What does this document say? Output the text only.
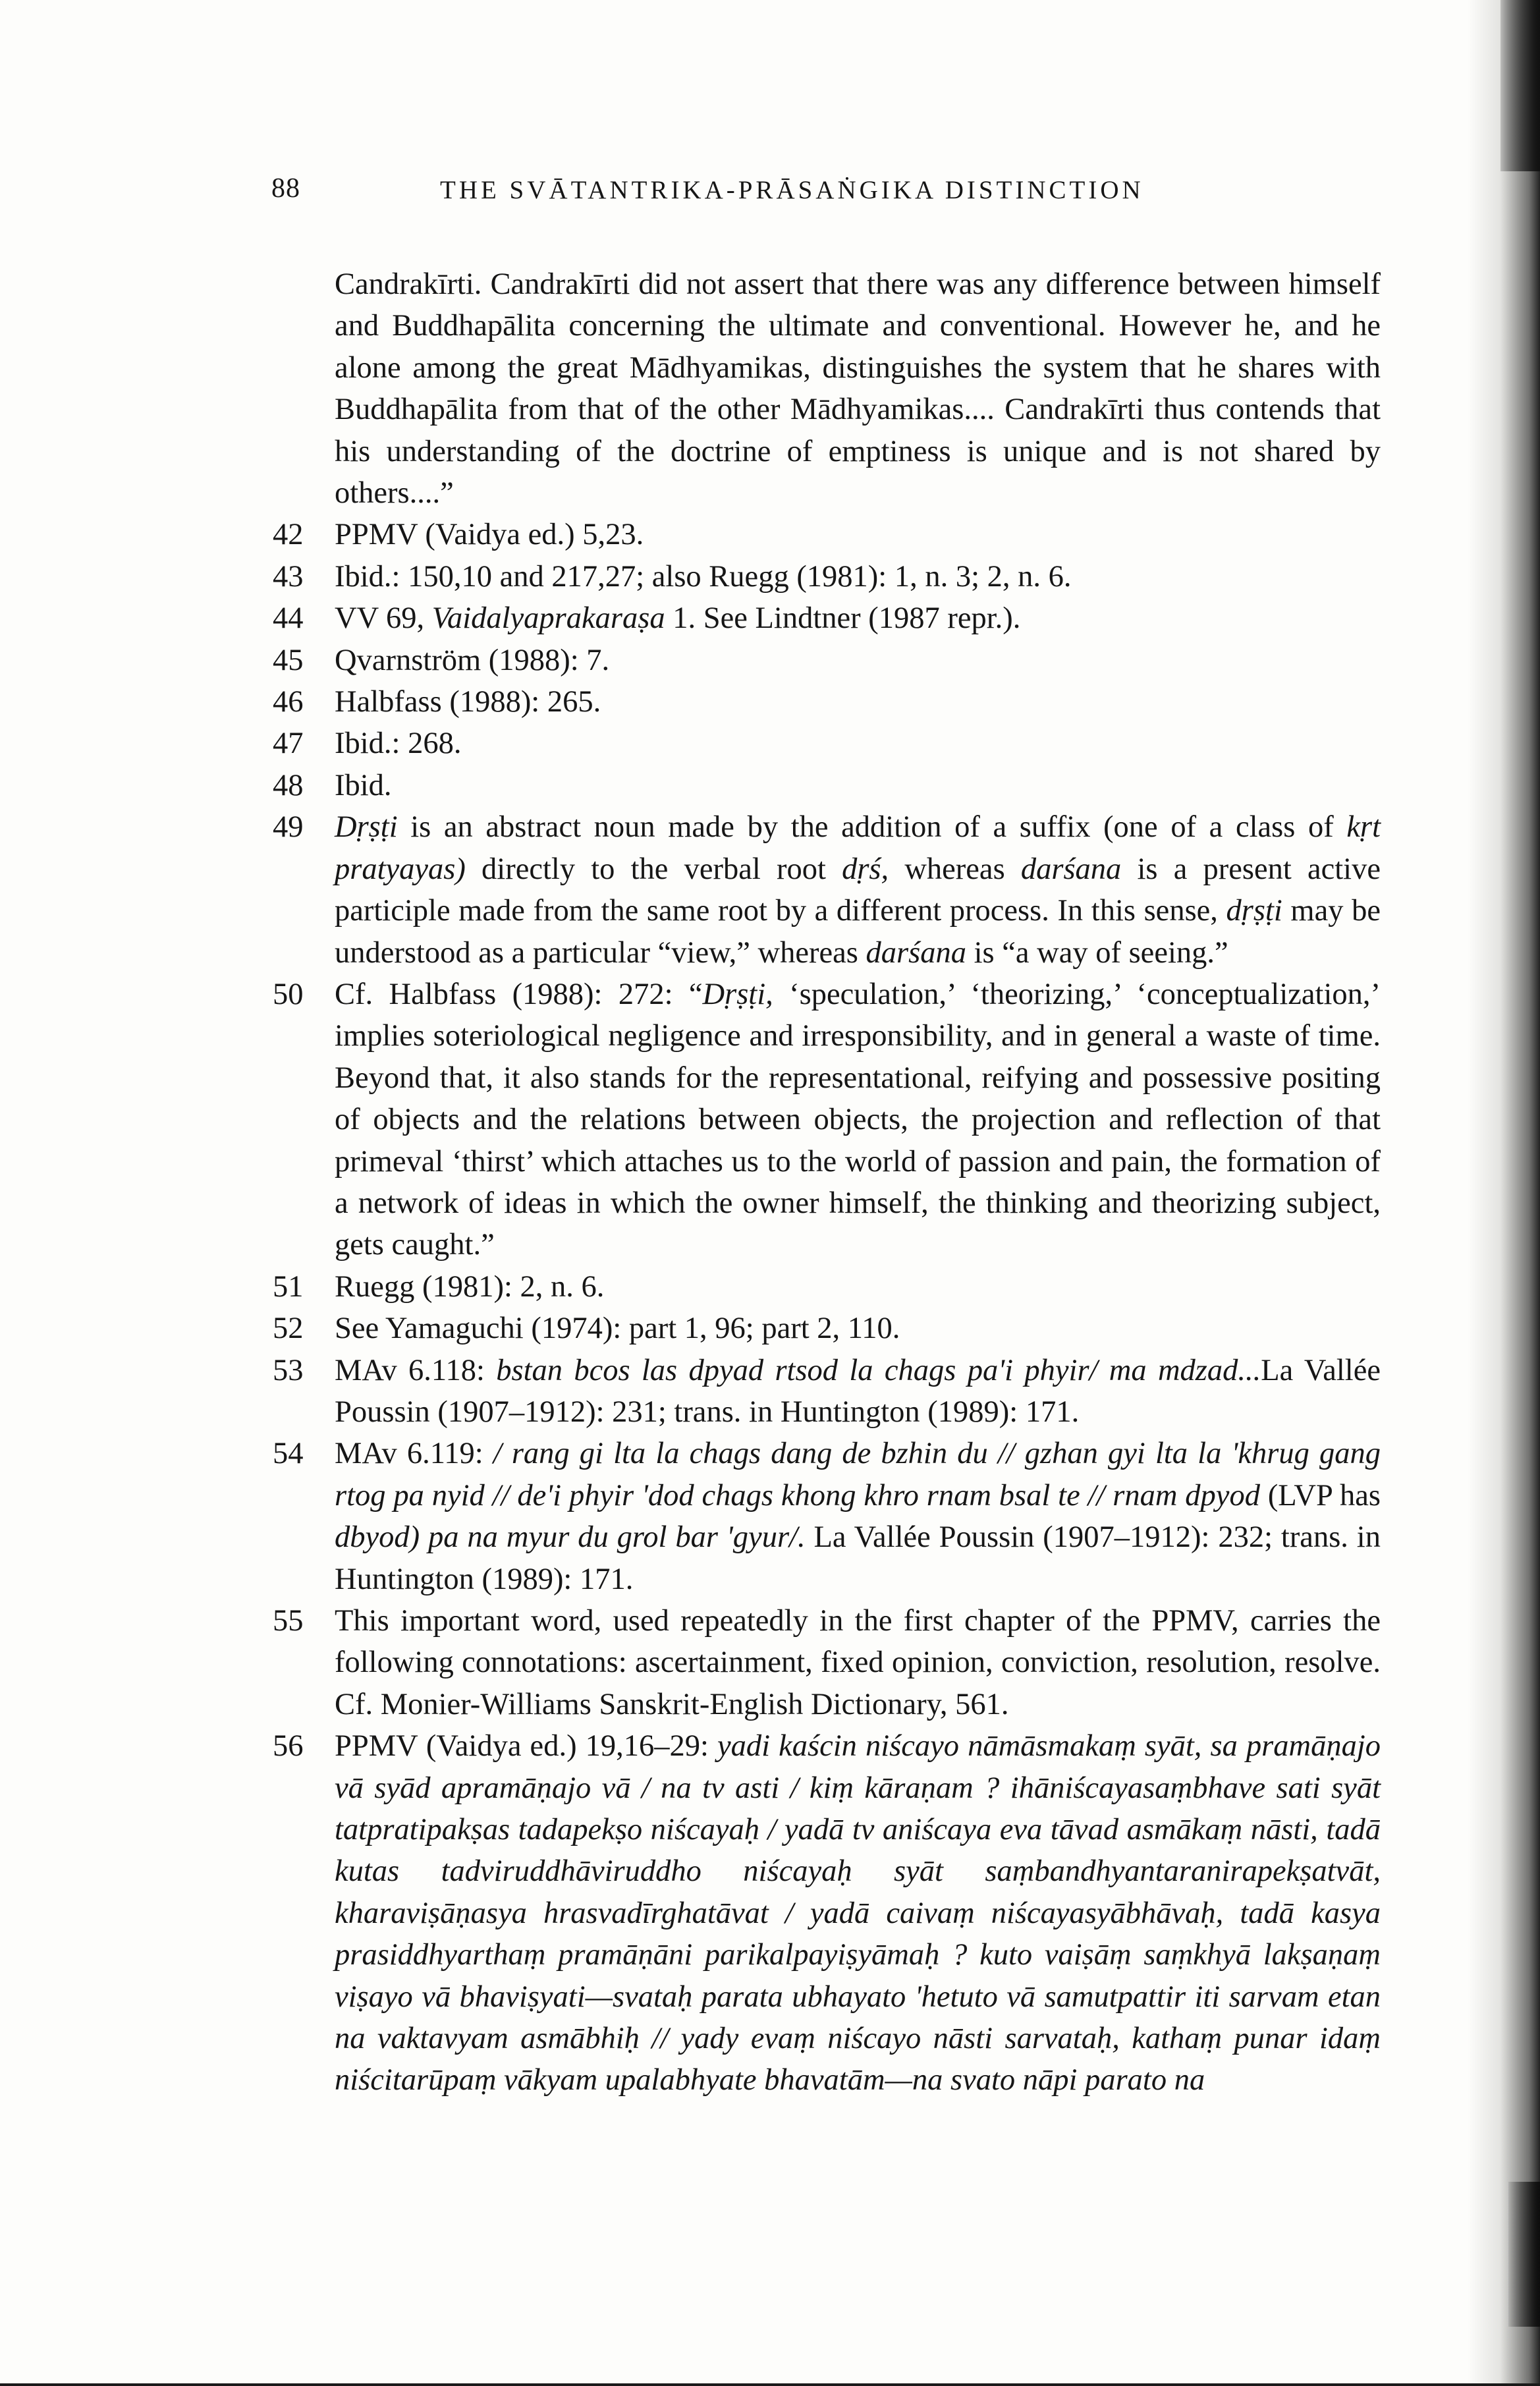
88	THE SVĀTANTRIKA-PRĀSAṄGIKA DISTINCTION

Candrakīrti. Candrakīrti did not assert that there was any difference between himself and Buddhapālita concerning the ultimate and conventional. However he, and he alone among the great Mādhyamikas, distinguishes the system that he shares with Buddhapālita from that of the other Mādhyamikas.... Candrakīrti thus contends that his understanding of the doctrine of emptiness is unique and is not shared by others....”

42	PPMV (Vaidya ed.) 5,23.

43	Ibid.: 150,10 and 217,27; also Ruegg (1981): 1, n. 3; 2, n. 6.

44	VV 69, Vaidalyaprakaraṣa 1. See Lindtner (1987 repr.).

45	Qvarnström (1988): 7.

46	Halbfass (1988): 265.

47	Ibid.: 268.

48	Ibid.

49	Dṛṣṭi is an abstract noun made by the addition of a suffix (one of a class of kṛt pratyayas) directly to the verbal root dṛś, whereas darśana is a present active participle made from the same root by a different process. In this sense, dṛṣṭi may be understood as a particular “view,” whereas darśana is “a way of seeing.”

50	Cf. Halbfass (1988): 272: “Dṛṣṭi, ‘speculation,’ ‘theorizing,’ ‘conceptualization,’ implies soteriological negligence and irresponsibility, and in general a waste of time. Beyond that, it also stands for the representational, reifying and possessive positing of objects and the relations between objects, the projection and reflection of that primeval ‘thirst’ which attaches us to the world of passion and pain, the formation of a network of ideas in which the owner himself, the thinking and theorizing subject, gets caught.”

51	Ruegg (1981): 2, n. 6.

52	See Yamaguchi (1974): part 1, 96; part 2, 110.

53	MAv 6.118: bstan bcos las dpyad rtsod la chags pa'i phyir/ ma mdzad...La Vallée Poussin (1907–1912): 231; trans. in Huntington (1989): 171.

54	MAv 6.119: / rang gi lta la chags dang de bzhin du // gzhan gyi lta la 'khrug gang rtog pa nyid // de'i phyir 'dod chags khong khro rnam bsal te // rnam dpyod (LVP has dbyod) pa na myur du grol bar 'gyur/. La Vallée Poussin (1907–1912): 232; trans. in Huntington (1989): 171.

55	This important word, used repeatedly in the first chapter of the PPMV, carries the following connotations: ascertainment, fixed opinion, conviction, resolution, resolve. Cf. Monier-Williams Sanskrit-English Dictionary, 561.

56	PPMV (Vaidya ed.) 19,16–29: yadi kaścin niścayo nāmāsmakaṃ syāt, sa pramāṇajo vā syād apramāṇajo vā / na tv asti / kiṃ kāraṇam ? ihāniścayasaṃbhave sati syāt tatpratipakṣas tadapekṣo niścayaḥ / yadā tv aniścaya eva tāvad asmākaṃ nāsti, tadā kutas tadviruddhāviruddho niścayaḥ syāt saṃbandhyantaranirapekṣatvāt, kharaviṣāṇasya hrasvadīrghatāvat / yadā caivaṃ niścayasyābhāvaḥ, tadā kasya prasiddhyarthaṃ pramāṇāni parikalpayiṣyāmaḥ ? kuto vaiṣāṃ saṃkhyā lakṣaṇaṃ viṣayo vā bhaviṣyati—svataḥ parata ubhayato 'hetuto vā samutpattir iti sarvam etan na vaktavyam asmābhiḥ // yady evaṃ niścayo nāsti sarvataḥ, kathaṃ punar idaṃ niścitarūpaṃ vākyam upalabhyate bhavatām—na svato nāpi parato na
